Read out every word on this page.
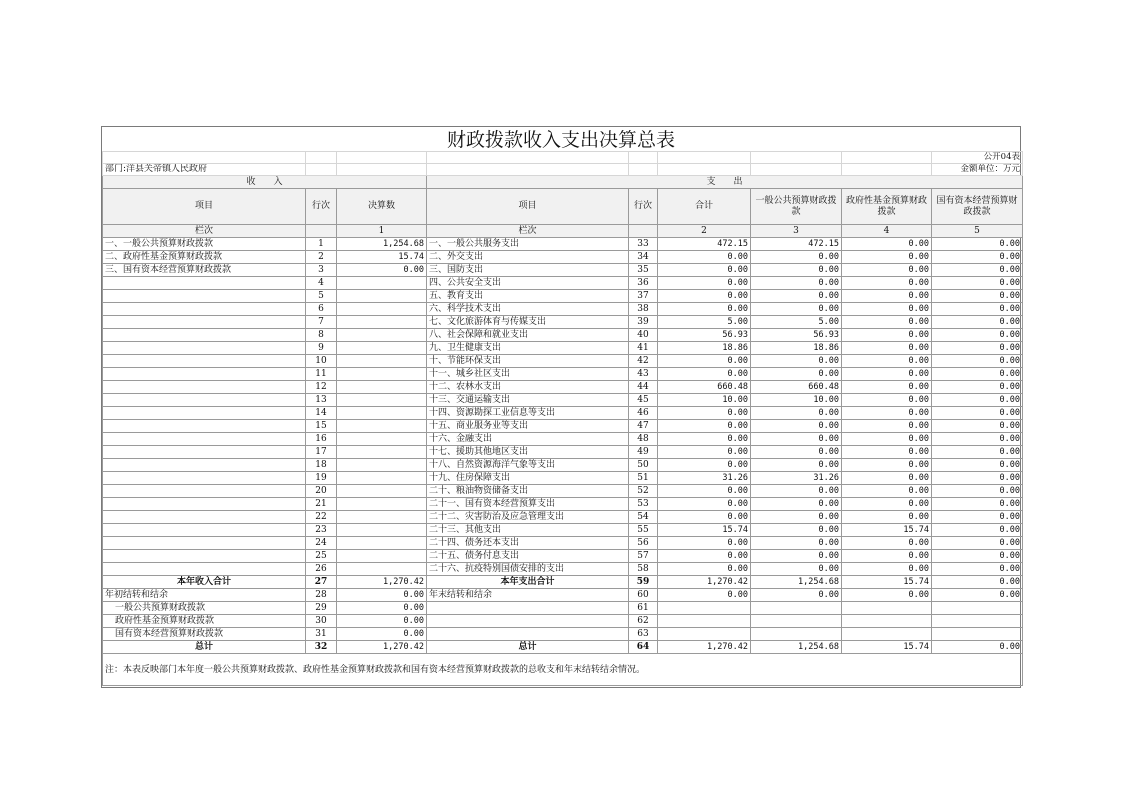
财政拨款收入支出决算总表
								公开04表
部门:洋县关帝镇人民政府								金额单位：万元
收　　入			支　　出					
项目	行次	决算数	项目	行次	合计	一般公共预算财政拨款	政府性基金预算财政拨款	国有资本经营预算财政拨款
栏次		1	栏次		2	3	4	5
一、一般公共预算财政拨款	1	1,254.68	一、一般公共服务支出	33	472.15	472.15	0.00	0.00
二、政府性基金预算财政拨款	2	15.74	二、外交支出	34	0.00	0.00	0.00	0.00
三、国有资本经营预算财政拨款	3	0.00	三、国防支出	35	0.00	0.00	0.00	0.00
	4		四、公共安全支出	36	0.00	0.00	0.00	0.00
	5		五、教育支出	37	0.00	0.00	0.00	0.00
	6		六、科学技术支出	38	0.00	0.00	0.00	0.00
	7		七、文化旅游体育与传媒支出	39	5.00	5.00	0.00	0.00
	8		八、社会保障和就业支出	40	56.93	56.93	0.00	0.00
	9		九、卫生健康支出	41	18.86	18.86	0.00	0.00
	10		十、节能环保支出	42	0.00	0.00	0.00	0.00
	11		十一、城乡社区支出	43	0.00	0.00	0.00	0.00
	12		十二、农林水支出	44	660.48	660.48	0.00	0.00
	13		十三、交通运输支出	45	10.00	10.00	0.00	0.00
	14		十四、资源勘探工业信息等支出	46	0.00	0.00	0.00	0.00
	15		十五、商业服务业等支出	47	0.00	0.00	0.00	0.00
	16		十六、金融支出	48	0.00	0.00	0.00	0.00
	17		十七、援助其他地区支出	49	0.00	0.00	0.00	0.00
	18		十八、自然资源海洋气象等支出	50	0.00	0.00	0.00	0.00
	19		十九、住房保障支出	51	31.26	31.26	0.00	0.00
	20		二十、粮油物资储备支出	52	0.00	0.00	0.00	0.00
	21		二十一、国有资本经营预算支出	53	0.00	0.00	0.00	0.00
	22		二十二、灾害防治及应急管理支出	54	0.00	0.00	0.00	0.00
	23		二十三、其他支出	55	15.74	0.00	15.74	0.00
	24		二十四、债务还本支出	56	0.00	0.00	0.00	0.00
	25		二十五、债务付息支出	57	0.00	0.00	0.00	0.00
	26		二十六、抗疫特别国债安排的支出	58	0.00	0.00	0.00	0.00
本年收入合计	27	1,270.42	本年支出合计	59	1,270.42	1,254.68	15.74	0.00
年初结转和结余	28	0.00	年末结转和结余	60	0.00	0.00	0.00	0.00
一般公共预算财政拨款	29	0.00		61				
政府性基金预算财政拨款	30	0.00		62				
国有资本经营预算财政拨款	31	0.00		63				
总计	32	1,270.42	总计	64	1,270.42	1,254.68	15.74	0.00
注：本表反映部门本年度一般公共预算财政拨款、政府性基金预算财政拨款和国有资本经营预算财政拨款的总收支和年末结转结余情况。								
